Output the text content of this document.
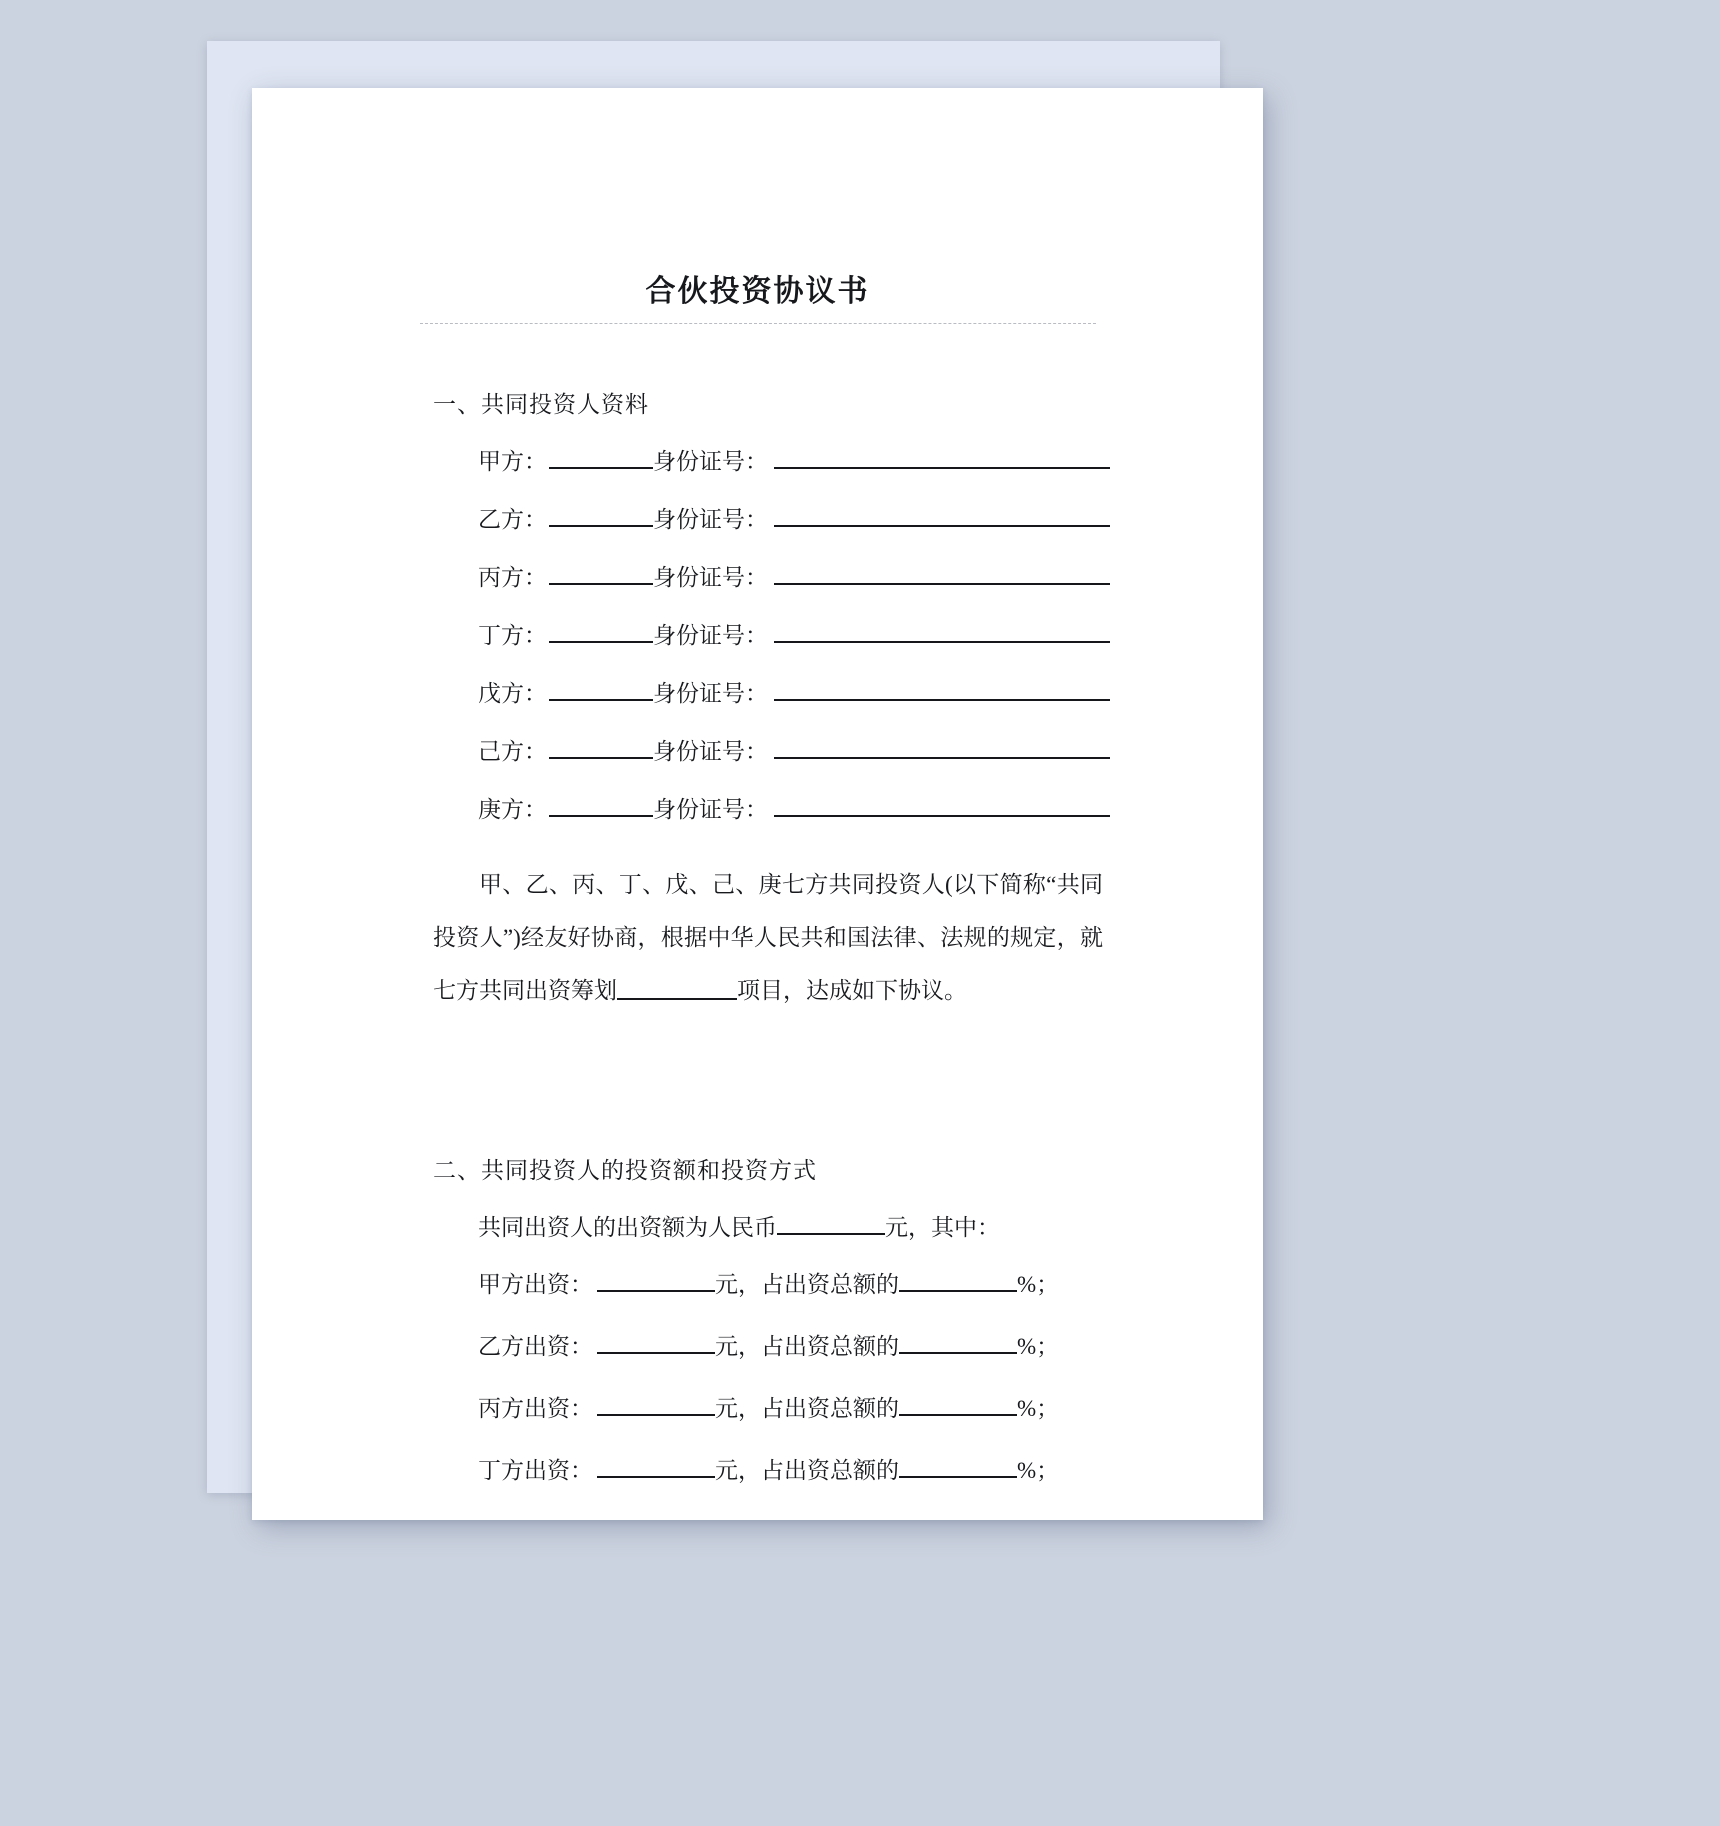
合伙投资协议书
一、共同投资人资料
甲方：	身份证号：
乙方：	身份证号：
丙方：	身份证号：
丁方：	身份证号：
戊方：	身份证号：
己方：	身份证号：
庚方：	身份证号：
甲、乙、丙、丁、戊、己、庚七方共同投资人(以下简称“共同投资人”)经友好协商，根据中华人民共和国法律、法规的规定，就七方共同出资筹划	项目，达成如下协议。
二、共同投资人的投资额和投资方式
共同出资人的出资额为人民币	元，其中：
甲方出资：	元，占出资总额的	%；
乙方出资：	元，占出资总额的	%；
丙方出资：	元，占出资总额的	%；
丁方出资：	元，占出资总额的	%；
